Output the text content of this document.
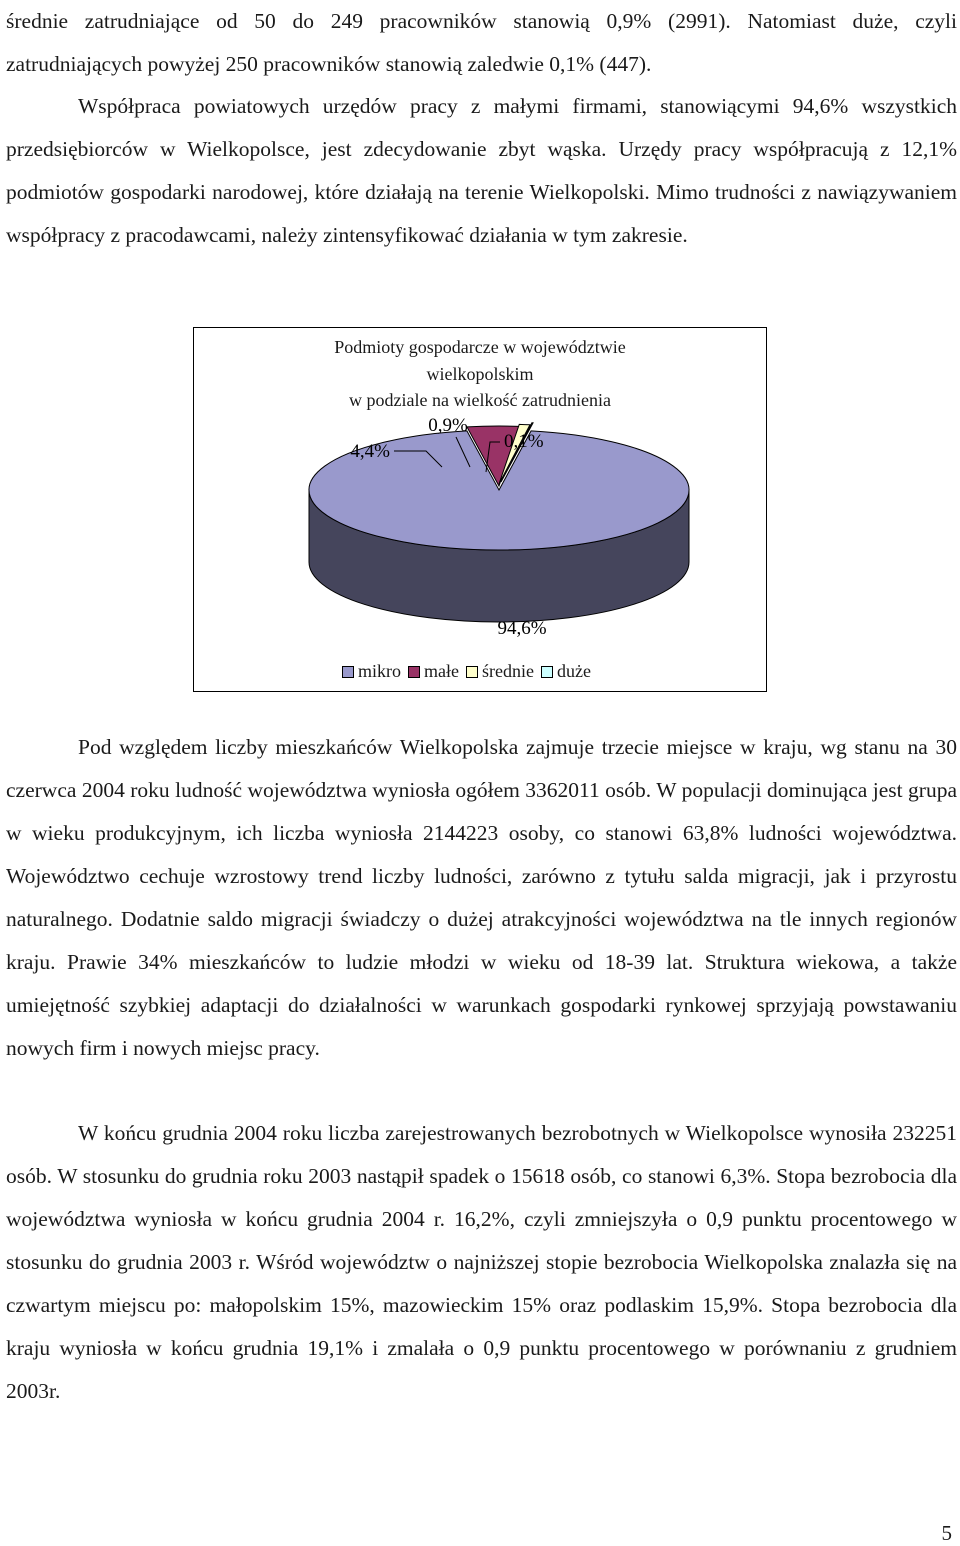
średnie zatrudniające od 50 do 249 pracowników stanowią 0,9% (2991). Natomiast duże, czyli zatrudniających powyżej 250 pracowników stanowią zaledwie 0,1% (447).

Współpraca powiatowych urzędów pracy z małymi firmami, stanowiącymi 94,6% wszystkich przedsiębiorców w Wielkopolsce, jest zdecydowanie zbyt wąska. Urzędy pracy współpracują z 12,1% podmiotów gospodarki narodowej, które działają na terenie Wielkopolski. Mimo trudności z nawiązywaniem współpracy z pracodawcami, należy zintensyfikować działania w tym zakresie.

Podmioty gospodarcze w województwie
wielkopolskim
w podziale na wielkość zatrudnienia
94,6%
4,4%
0,9%
0,1%
mikro małe średnie duże

Pod względem liczby mieszkańców Wielkopolska zajmuje trzecie miejsce w kraju, wg stanu na 30 czerwca 2004 roku ludność województwa wyniosła ogółem 3362011 osób. W populacji dominująca jest grupa w wieku produkcyjnym, ich liczba wyniosła 2144223 osoby, co stanowi 63,8% ludności województwa. Województwo cechuje wzrostowy trend liczby ludności, zarówno z tytułu salda migracji, jak i przyrostu naturalnego. Dodatnie saldo migracji świadczy o dużej atrakcyjności województwa na tle innych regionów kraju. Prawie 34% mieszkańców to ludzie młodzi w wieku od 18-39 lat. Struktura wiekowa, a także umiejętność szybkiej adaptacji do działalności w warunkach gospodarki rynkowej sprzyjają powstawaniu nowych firm i nowych miejsc pracy.

W końcu grudnia 2004 roku liczba zarejestrowanych bezrobotnych w Wielkopolsce wynosiła 232251 osób. W stosunku do grudnia roku 2003 nastąpił spadek o 15618 osób, co stanowi 6,3%. Stopa bezrobocia dla województwa wyniosła w końcu grudnia 2004 r. 16,2%, czyli zmniejszyła o 0,9 punktu procentowego w stosunku do grudnia 2003 r. Wśród województw o najniższej stopie bezrobocia Wielkopolska znalazła się na czwartym miejscu po: małopolskim 15%, mazowieckim 15% oraz podlaskim 15,9%. Stopa bezrobocia dla kraju wyniosła w końcu grudnia 19,1% i zmalała o 0,9 punktu procentowego w porównaniu z grudniem 2003r.

5
